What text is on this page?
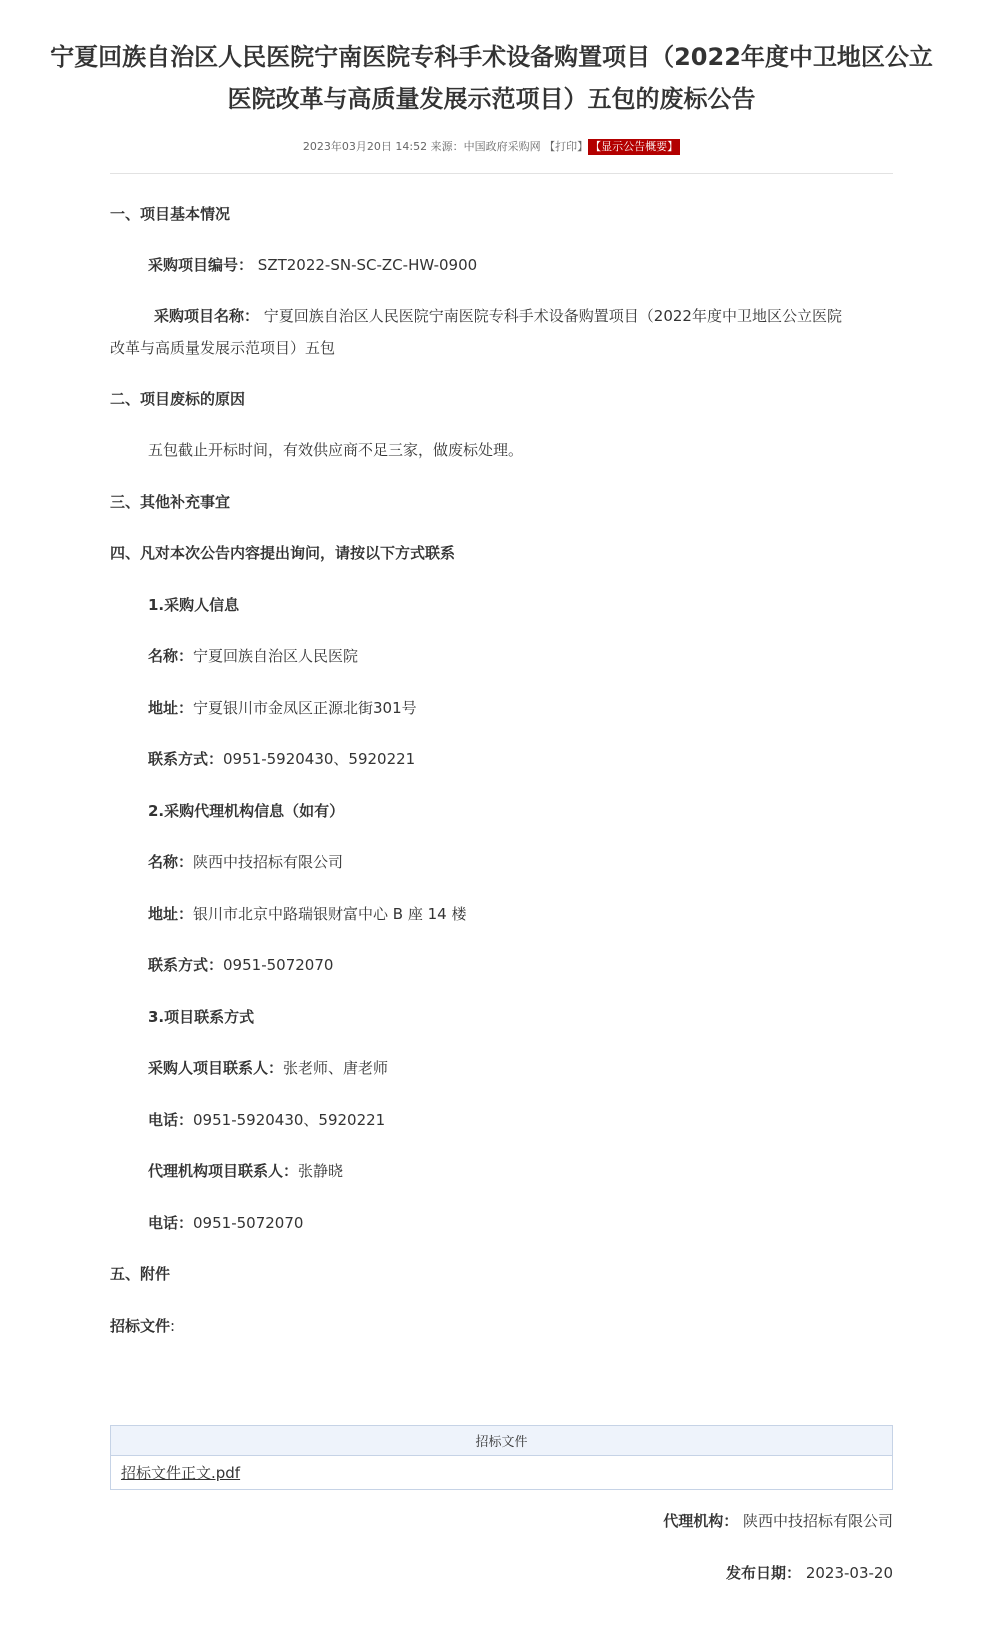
宁夏回族自治区人民医院宁南医院专科手术设备购置项目（2022年度中卫地区公立
医院改革与高质量发展示范项目）五包的废标公告
2023年03月20日 14:52 来源：中国政府采购网 【打印】 【显示公告概要】
一、项目基本情况
采购项目编号： SZT2022-SN-SC-ZC-HW-0900
采购项目名称： 宁夏回族自治区人民医院宁南医院专科手术设备购置项目（2022年度中卫地区公立医院
改革与高质量发展示范项目）五包
二、项目废标的原因
五包截止开标时间，有效供应商不足三家，做废标处理。
三、其他补充事宜
四、凡对本次公告内容提出询问，请按以下方式联系
1.采购人信息
名称：宁夏回族自治区人民医院
地址：宁夏银川市金凤区正源北街301号
联系方式：0951-5920430、5920221
2.采购代理机构信息（如有）
名称：陕西中技招标有限公司
地址：银川市北京中路瑞银财富中心 B 座 14 楼
联系方式：0951-5072070
3.项目联系方式
采购人项目联系人：张老师、唐老师
电话：0951-5920430、5920221
代理机构项目联系人：张静晓
电话：0951-5072070
五、附件
招标文件:
招标文件
招标文件正文.pdf
代理机构： 陕西中技招标有限公司
发布日期： 2023-03-20
